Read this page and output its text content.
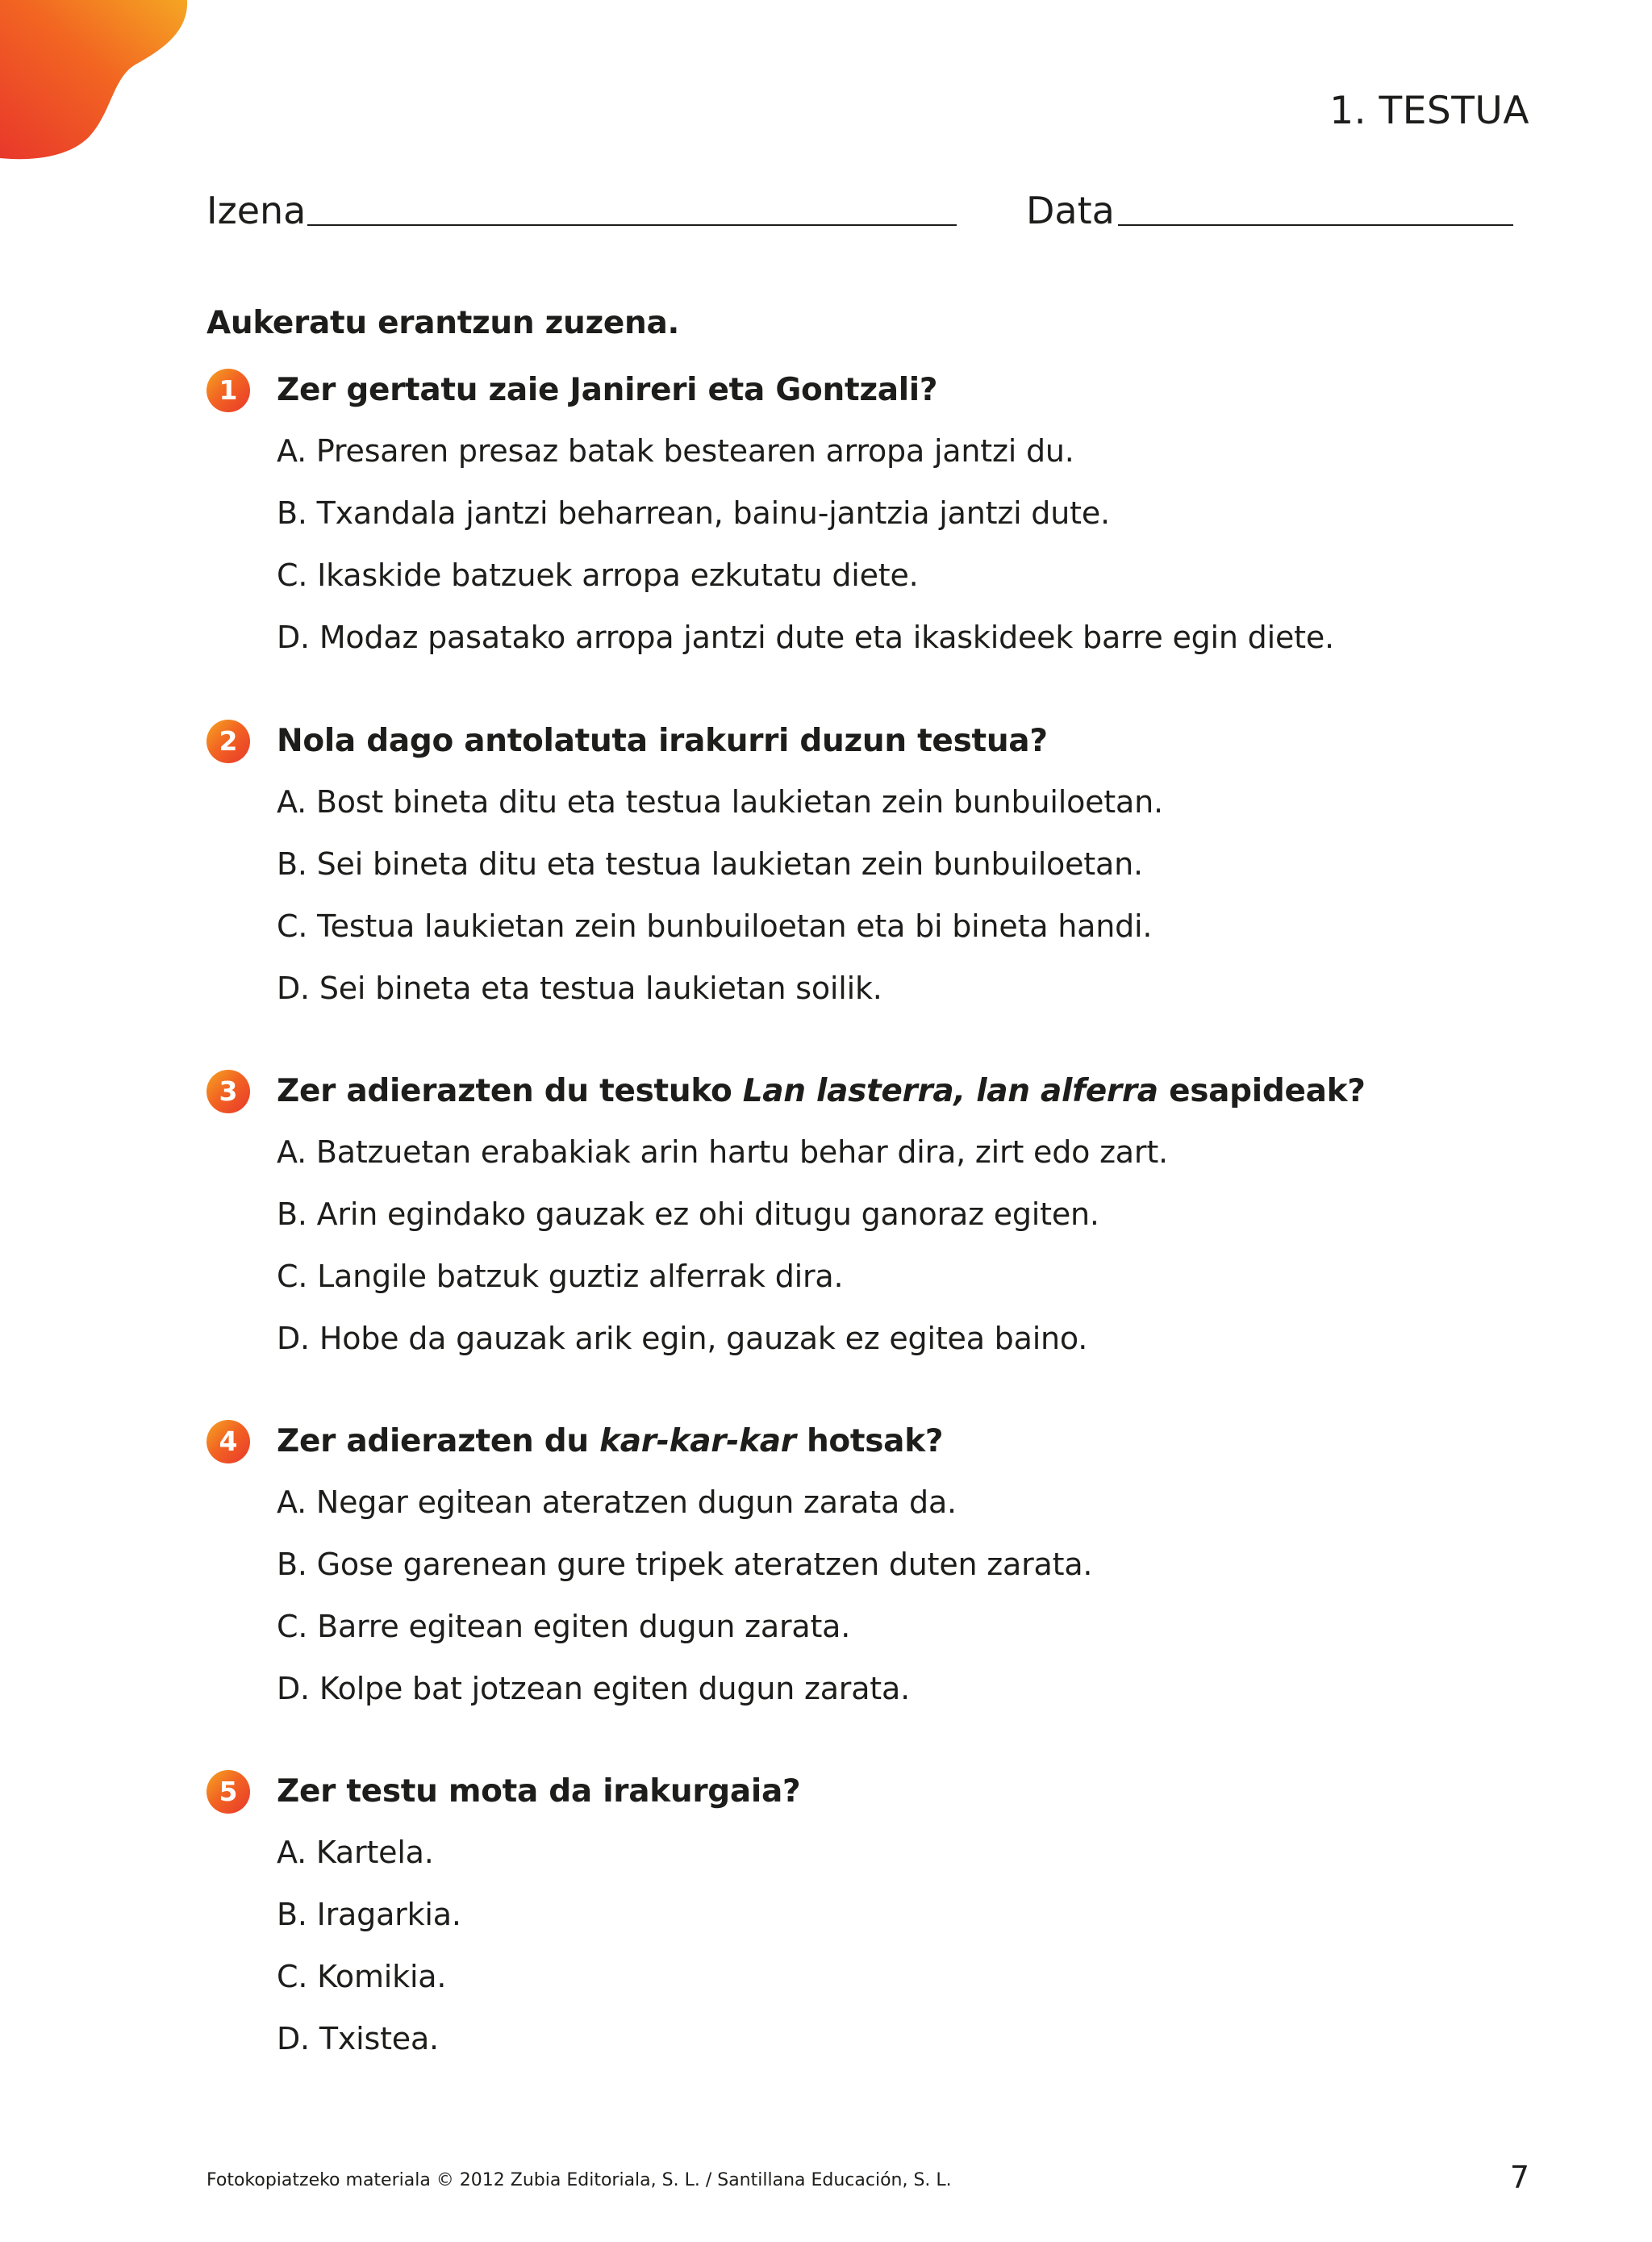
1. TESTUA
Izena	Data
Aukeratu erantzun zuzena.
1	Zer gertatu zaie Janireri eta Gontzali?
A. Presaren presaz batak bestearen arropa jantzi du.
B. Txandala jantzi beharrean, bainu-jantzia jantzi dute.
C. Ikaskide batzuek arropa ezkutatu diete.
D. Modaz pasatako arropa jantzi dute eta ikaskideek barre egin diete.
2	Nola dago antolatuta irakurri duzun testua?
A. Bost bineta ditu eta testua laukietan zein bunbuiloetan.
B. Sei bineta ditu eta testua laukietan zein bunbuiloetan.
C. Testua laukietan zein bunbuiloetan eta bi bineta handi.
D. Sei bineta eta testua laukietan soilik.
3	Zer adierazten du testuko Lan lasterra, lan alferra esapideak?
A. Batzuetan erabakiak arin hartu behar dira, zirt edo zart.
B. Arin egindako gauzak ez ohi ditugu ganoraz egiten.
C. Langile batzuk guztiz alferrak dira.
D. Hobe da gauzak arik egin, gauzak ez egitea baino.
4	Zer adierazten du kar-kar-kar hotsak?
A. Negar egitean ateratzen dugun zarata da.
B. Gose garenean gure tripek ateratzen duten zarata.
C. Barre egitean egiten dugun zarata.
D. Kolpe bat jotzean egiten dugun zarata.
5	Zer testu mota da irakurgaia?
A. Kartela.
B. Iragarkia.
C. Komikia.
D. Txistea.
Fotokopiatzeko materiala © 2012 Zubia Editoriala, S. L. / Santillana Educación, S. L.	7
